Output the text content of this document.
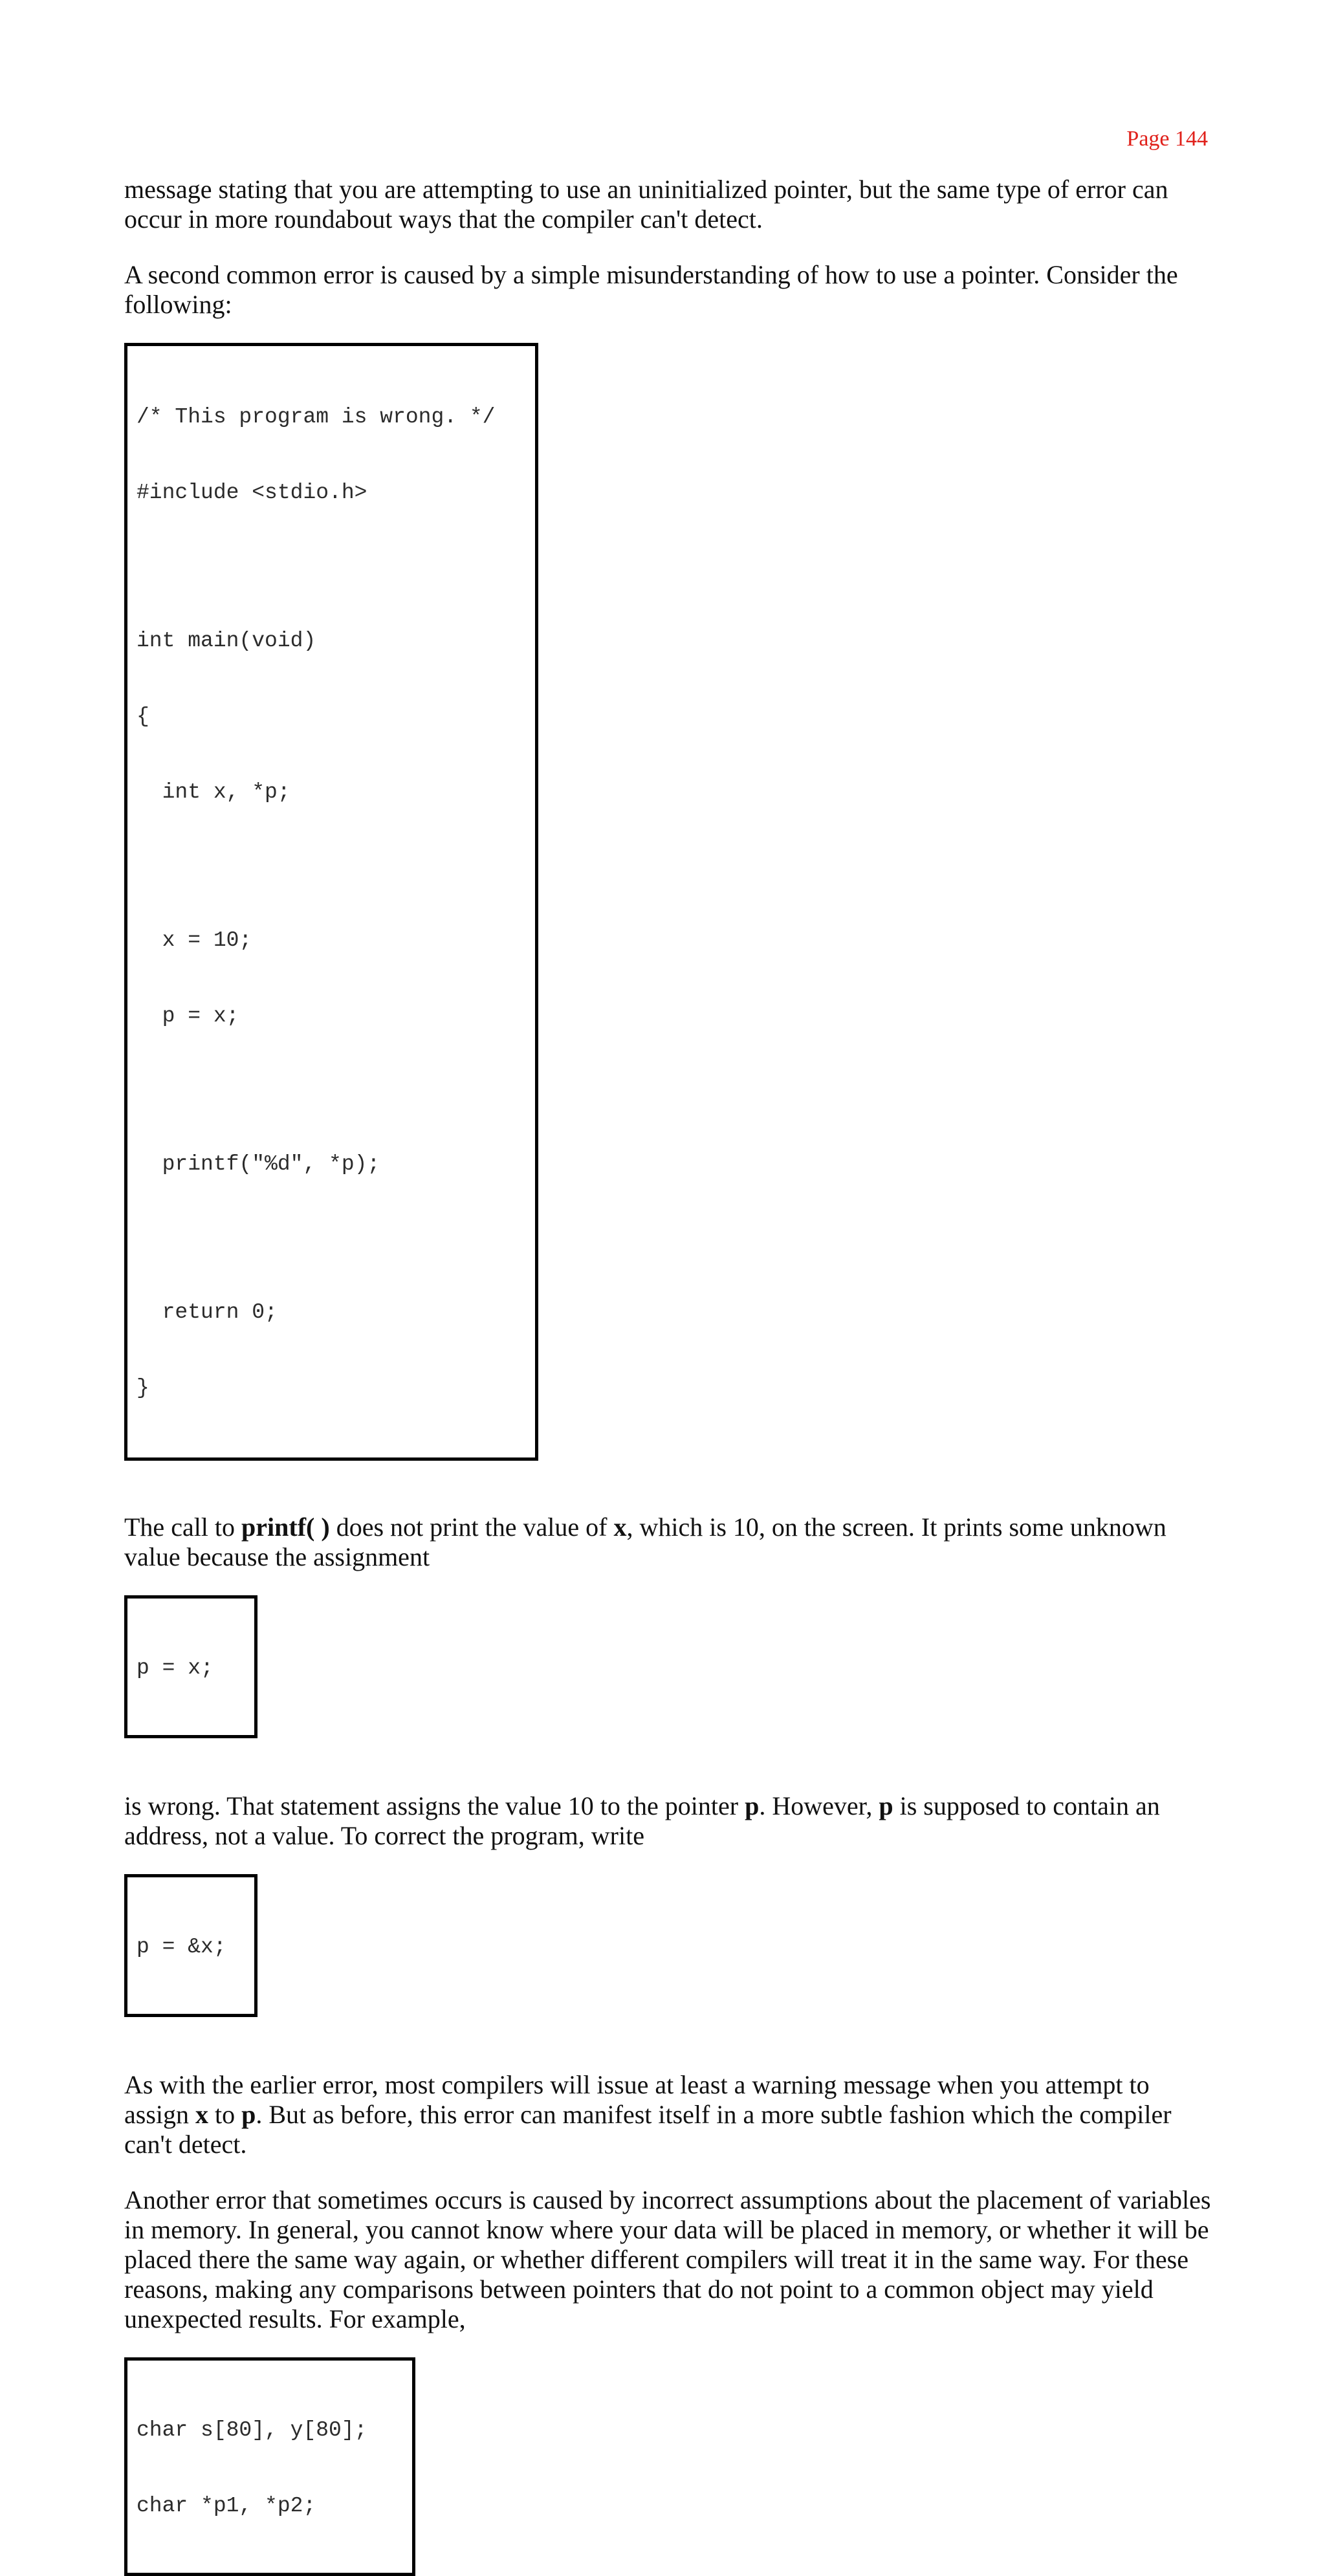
Page 144

message stating that you are attempting to use an uninitialized pointer, but the same type of error can occur in more roundabout ways that the compiler can't detect.

A second common error is caused by a simple misunderstanding of how to use a pointer. Consider the following:

/* This program is wrong. */

#include <stdio.h>

int main(void)

{

int x, *p;

x = 10;

p = x;

printf("%d", *p);

return 0;

}

The call to printf( ) does not print the value of x, which is 10, on the screen. It prints some unknown value because the assignment

p = x;

is wrong. That statement assigns the value 10 to the pointer p. However, p is supposed to contain an address, not a value. To correct the program, write

p = &x;

As with the earlier error, most compilers will issue at least a warning message when you attempt to assign x to p. But as before, this error can manifest itself in a more subtle fashion which the compiler can't detect.

Another error that sometimes occurs is caused by incorrect assumptions about the placement of variables in memory. In general, you cannot know where your data will be placed in memory, or whether it will be placed there the same way again, or whether different compilers will treat it in the same way. For these reasons, making any comparisons between pointers that do not point to a common object may yield unexpected results. For example,

char s[80], y[80];

char *p1, *p2;
